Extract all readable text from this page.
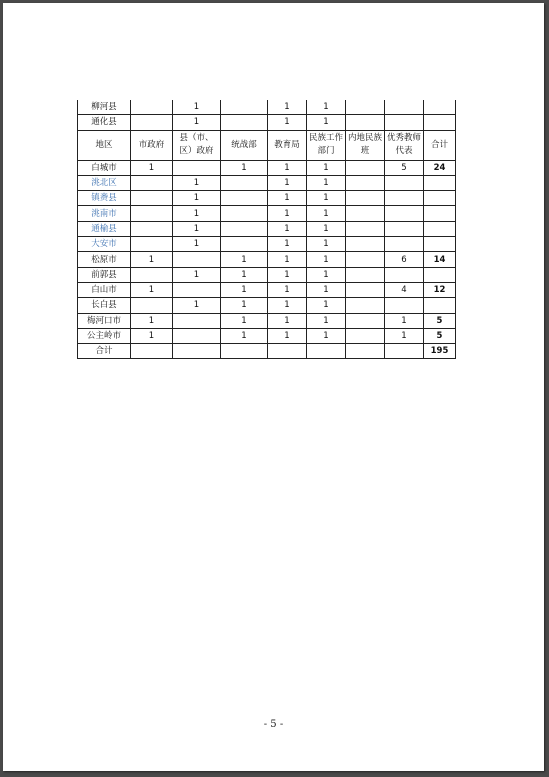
柳河县		1		1	1			
通化县		1		1	1			
地区	市政府	县（市、区）政府	统战部	教育局	民族工作部门	内地民族班	优秀教师代表	合计
白城市	1		1	1	1		5	24
洮北区		1		1	1			
镇赉县		1		1	1			
洮南市		1		1	1			
通榆县		1		1	1			
大安市		1		1	1			
松原市	1		1	1	1		6	14
前郭县		1	1	1	1			
白山市	1		1	1	1		4	12
长白县		1	1	1	1			
梅河口市	1		1	1	1		1	5
公主岭市	1		1	1	1		1	5
合计								195
- 5 -
